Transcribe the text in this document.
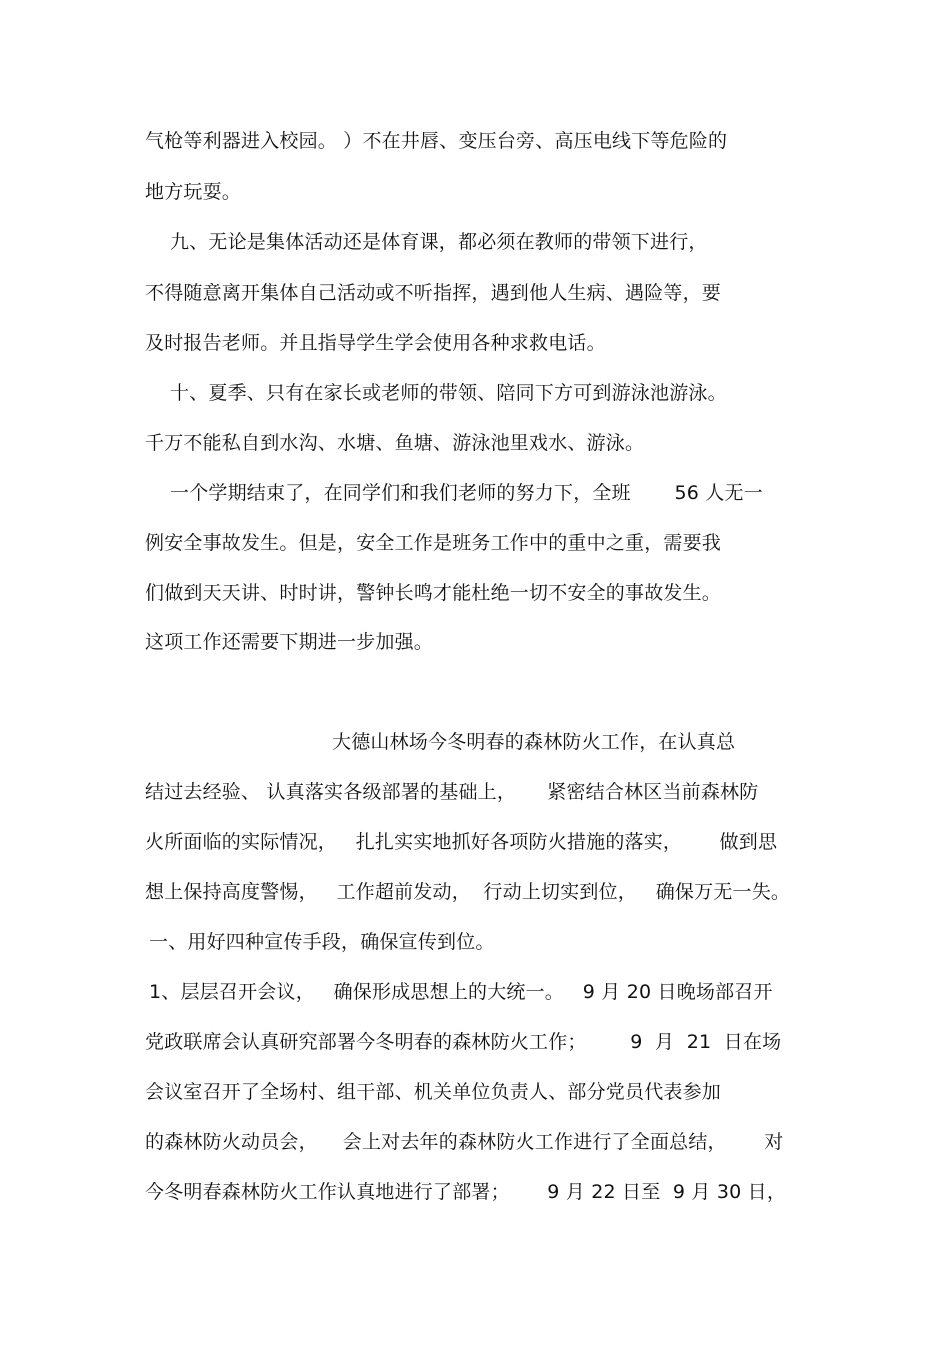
气枪等利器进入校园。 ）不在井唇、变压台旁、高压电线下等危险的
地方玩耍。
九、无论是集体活动还是体育课，都必须在教师的带领下进行，
不得随意离开集体自己活动或不听指挥，遇到他人生病、遇险等，要
及时报告老师。并且指导学生学会使用各种求救电话。
十、夏季、只有在家长或老师的带领、陪同下方可到游泳池游泳。
千万不能私自到水沟、水塘、鱼塘、游泳池里戏水、游泳。
一个学期结束了，在同学们和我们老师的努力下，全班       56 人无一
例安全事故发生。但是，安全工作是班务工作中的重中之重，需要我
们做到天天讲、时时讲，警钟长鸣才能杜绝一切不安全的事故发生。
这项工作还需要下期进一步加强。
大德山林场今冬明春的森林防火工作，在认真总
结过去经验、 认真落实各级部署的基础上，     紧密结合林区当前森林防
火所面临的实际情况，   扎扎实实地抓好各项防火措施的落实，      做到思
想上保持高度警惕，   工作超前发动，  行动上切实到位，   确保万无一失。
一、用好四种宣传手段，确保宣传到位。
1、层层召开会议，   确保形成思想上的大统一。   9 月 20 日晚场部召开
党政联席会认真研究部署今冬明春的森林防火工作；       9  月  21  日在场
会议室召开了全场村、组干部、机关单位负责人、部分党员代表参加
的森林防火动员会，    会上对去年的森林防火工作进行了全面总结，      对
今冬明春森林防火工作认真地进行了部署；      9 月 22 日至  9 月 30 日，
